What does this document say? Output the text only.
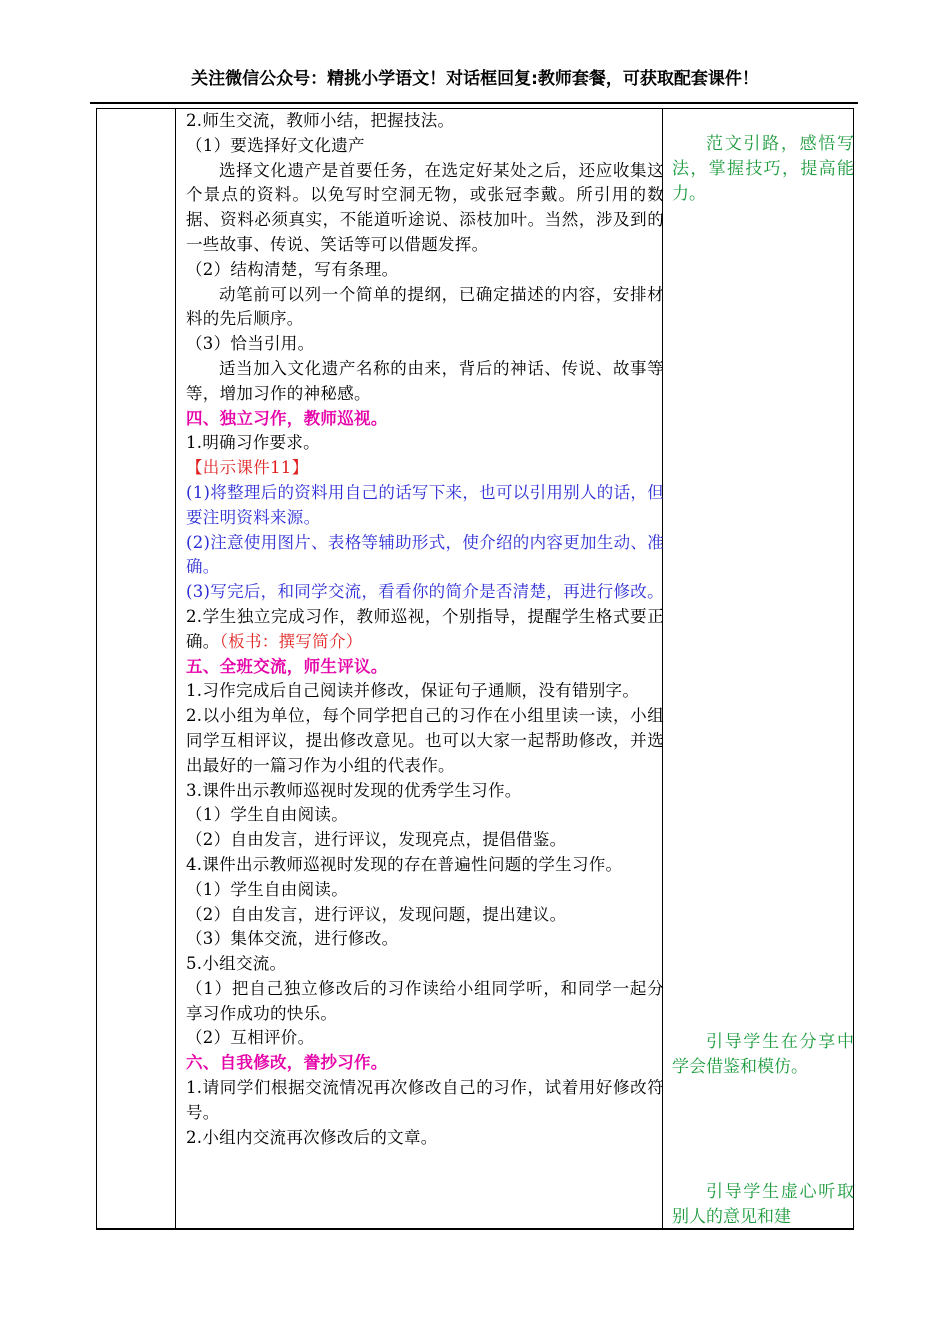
关注微信公众号：精挑小学语文！对话框回复:教师套餐，可获取配套课件！

2.师生交流，教师小结，把握技法。

（1）要选择好文化遗产

选择文化遗产是首要任务，在选定好某处之后，还应收集这个景点的资料。以免写时空洞无物，或张冠李戴。所引用的数据、资料必须真实，不能道听途说、添枝加叶。当然，涉及到的一些故事、传说、笑话等可以借题发挥。

（2）结构清楚，写有条理。

动笔前可以列一个简单的提纲，已确定描述的内容，安排材料的先后顺序。

（3）恰当引用。

适当加入文化遗产名称的由来，背后的神话、传说、故事等等，增加习作的神秘感。

四、独立习作，教师巡视。

1.明确习作要求。

【出示课件11】

(1)将整理后的资料用自己的话写下来，也可以引用别人的话，但要注明资料来源。

(2)注意使用图片、表格等辅助形式，使介绍的内容更加生动、准确。

(3)写完后，和同学交流，看看你的简介是否清楚，再进行修改。

2.学生独立完成习作，教师巡视，个别指导，提醒学生格式要正确。（板书：撰写简介）

五、全班交流，师生评议。

1.习作完成后自己阅读并修改，保证句子通顺，没有错别字。

2.以小组为单位，每个同学把自己的习作在小组里读一读，小组同学互相评议，提出修改意见。也可以大家一起帮助修改，并选出最好的一篇习作为小组的代表作。

3.课件出示教师巡视时发现的优秀学生习作。

（1）学生自由阅读。

（2）自由发言，进行评议，发现亮点，提倡借鉴。

4.课件出示教师巡视时发现的存在普遍性问题的学生习作。

（1）学生自由阅读。

（2）自由发言，进行评议，发现问题，提出建议。

（3）集体交流，进行修改。

5.小组交流。

（1）把自己独立修改后的习作读给小组同学听，和同学一起分享习作成功的快乐。

（2）互相评价。

六、自我修改，誊抄习作。

1.请同学们根据交流情况再次修改自己的习作，试着用好修改符号。

2.小组内交流再次修改后的文章。

范文引路，感悟写法，掌握技巧，提高能力。

引导学生在分享中学会借鉴和模仿。

引导学生虚心听取别人的意见和建
